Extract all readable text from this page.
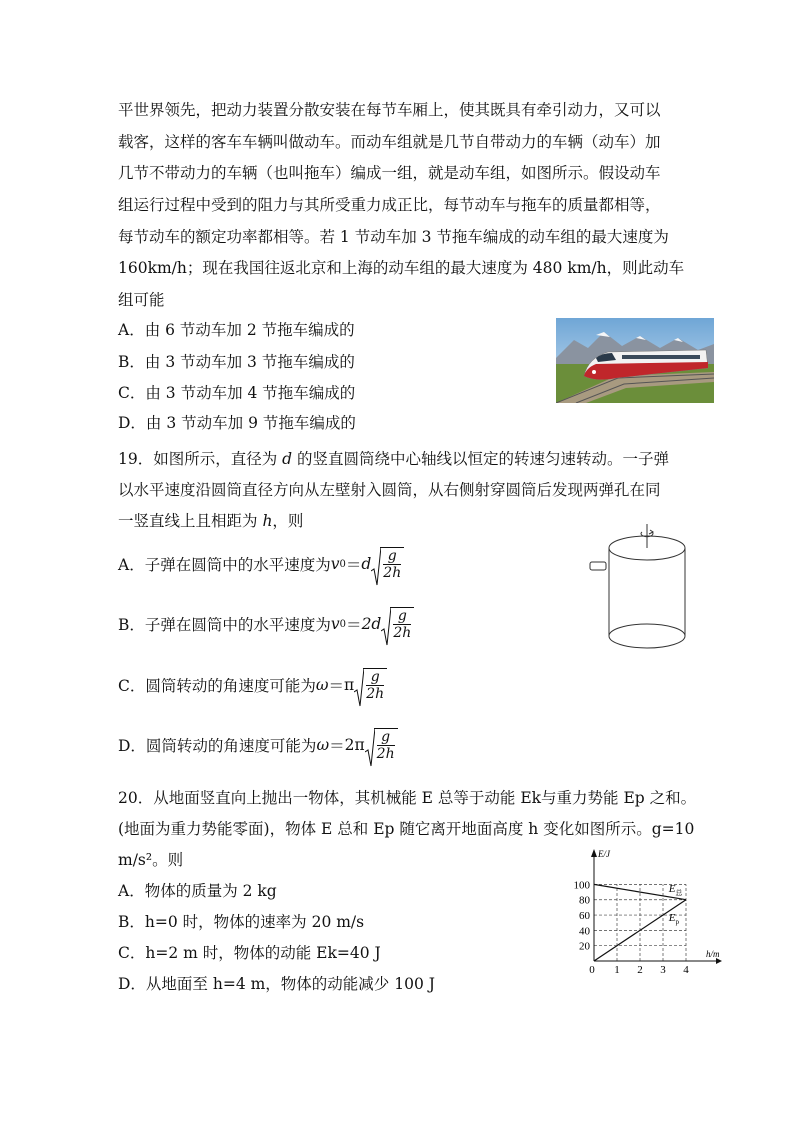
平世界领先，把动力装置分散安装在每节车厢上，使其既具有牵引动力，又可以
载客，这样的客车车辆叫做动车。而动车组就是几节自带动力的车辆（动车）加
几节不带动力的车辆（也叫拖车）编成一组，就是动车组，如图所示。假设动车
组运行过程中受到的阻力与其所受重力成正比，每节动车与拖车的质量都相等，
每节动车的额定功率都相等。若 1 节动车加 3 节拖车编成的动车组的最大速度为
160km/h；现在我国往返北京和上海的动车组的最大速度为 480 km/h，则此动车
组可能
A．由 6 节动车加 2 节拖车编成的
B．由 3 节动车加 3 节拖车编成的
C．由 3 节动车加 4 节拖车编成的
D．由 3 节动车加 9 节拖车编成的
19．如图所示，直径为 d 的竖直圆筒绕中心轴线以恒定的转速匀速转动。一子弹
以水平速度沿圆筒直径方向从左壁射入圆筒，从右侧射穿圆筒后发现两弹孔在同
一竖直线上且相距为 h，则
A．子弹在圆筒中的水平速度为 v 0 ＝ d $\frac{g}{2h}$
B．子弹在圆筒中的水平速度为 v $0 = 2d \frac{g}{2h}$
C．圆筒转动的角速度可能为 ω ＝ π $\frac{g}{2h}$
D．圆筒转动的角速度可能为 $\omega = 2\pi \frac{g}{2h}$
20．从地面竖直向上抛出一物体，其机械能 E 总等于动能 Ek与重力势能 Ep 之和。
(地面为重力势能零面)，物体 E 总和 Ep 随它离开地面高度 h 变化如图所示。g=10
m/s²。则
A．物体的质量为 2 kg
B．h=0 时，物体的速率为 20 m/s
C．h=2 m 时，物体的动能 Ek=40 J
D．从地面至 h=4 m，物体的动能减少 100 J
20
40
60
80
100
0 1 2 3 4
E/J
h/m
$E_总$
$E_p$
